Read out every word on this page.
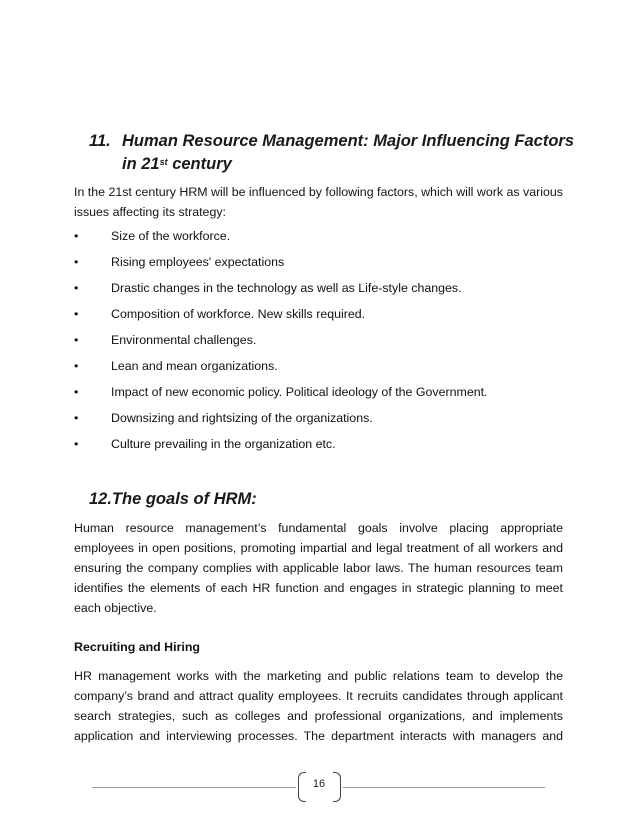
11. Human Resource Management: Major Influencing Factors
in 21st century
In the 21st century HRM will be influenced by following factors, which will work as various
issues affecting its strategy:
•	Size of the workforce.
•	Rising employees' expectations
•	Drastic changes in the technology as well as Life-style changes.
•	Composition of workforce. New skills required.
•	Environmental challenges.
•	Lean and mean organizations.
•	Impact of new economic policy. Political ideology of the Government.
•	Downsizing and rightsizing of the organizations.
•	Culture prevailing in the organization etc.
12.The goals of HRM:
Human resource management’s fundamental goals involve placing appropriate
employees in open positions, promoting impartial and legal treatment of all workers and
ensuring the company complies with applicable labor laws. The human resources team
identifies the elements of each HR function and engages in strategic planning to meet
each objective.
Recruiting and Hiring
HR management works with the marketing and public relations team to develop the
company’s brand and attract quality employees. It recruits candidates through applicant
search strategies, such as colleges and professional organizations, and implements
application and interviewing processes. The department interacts with managers and
16
